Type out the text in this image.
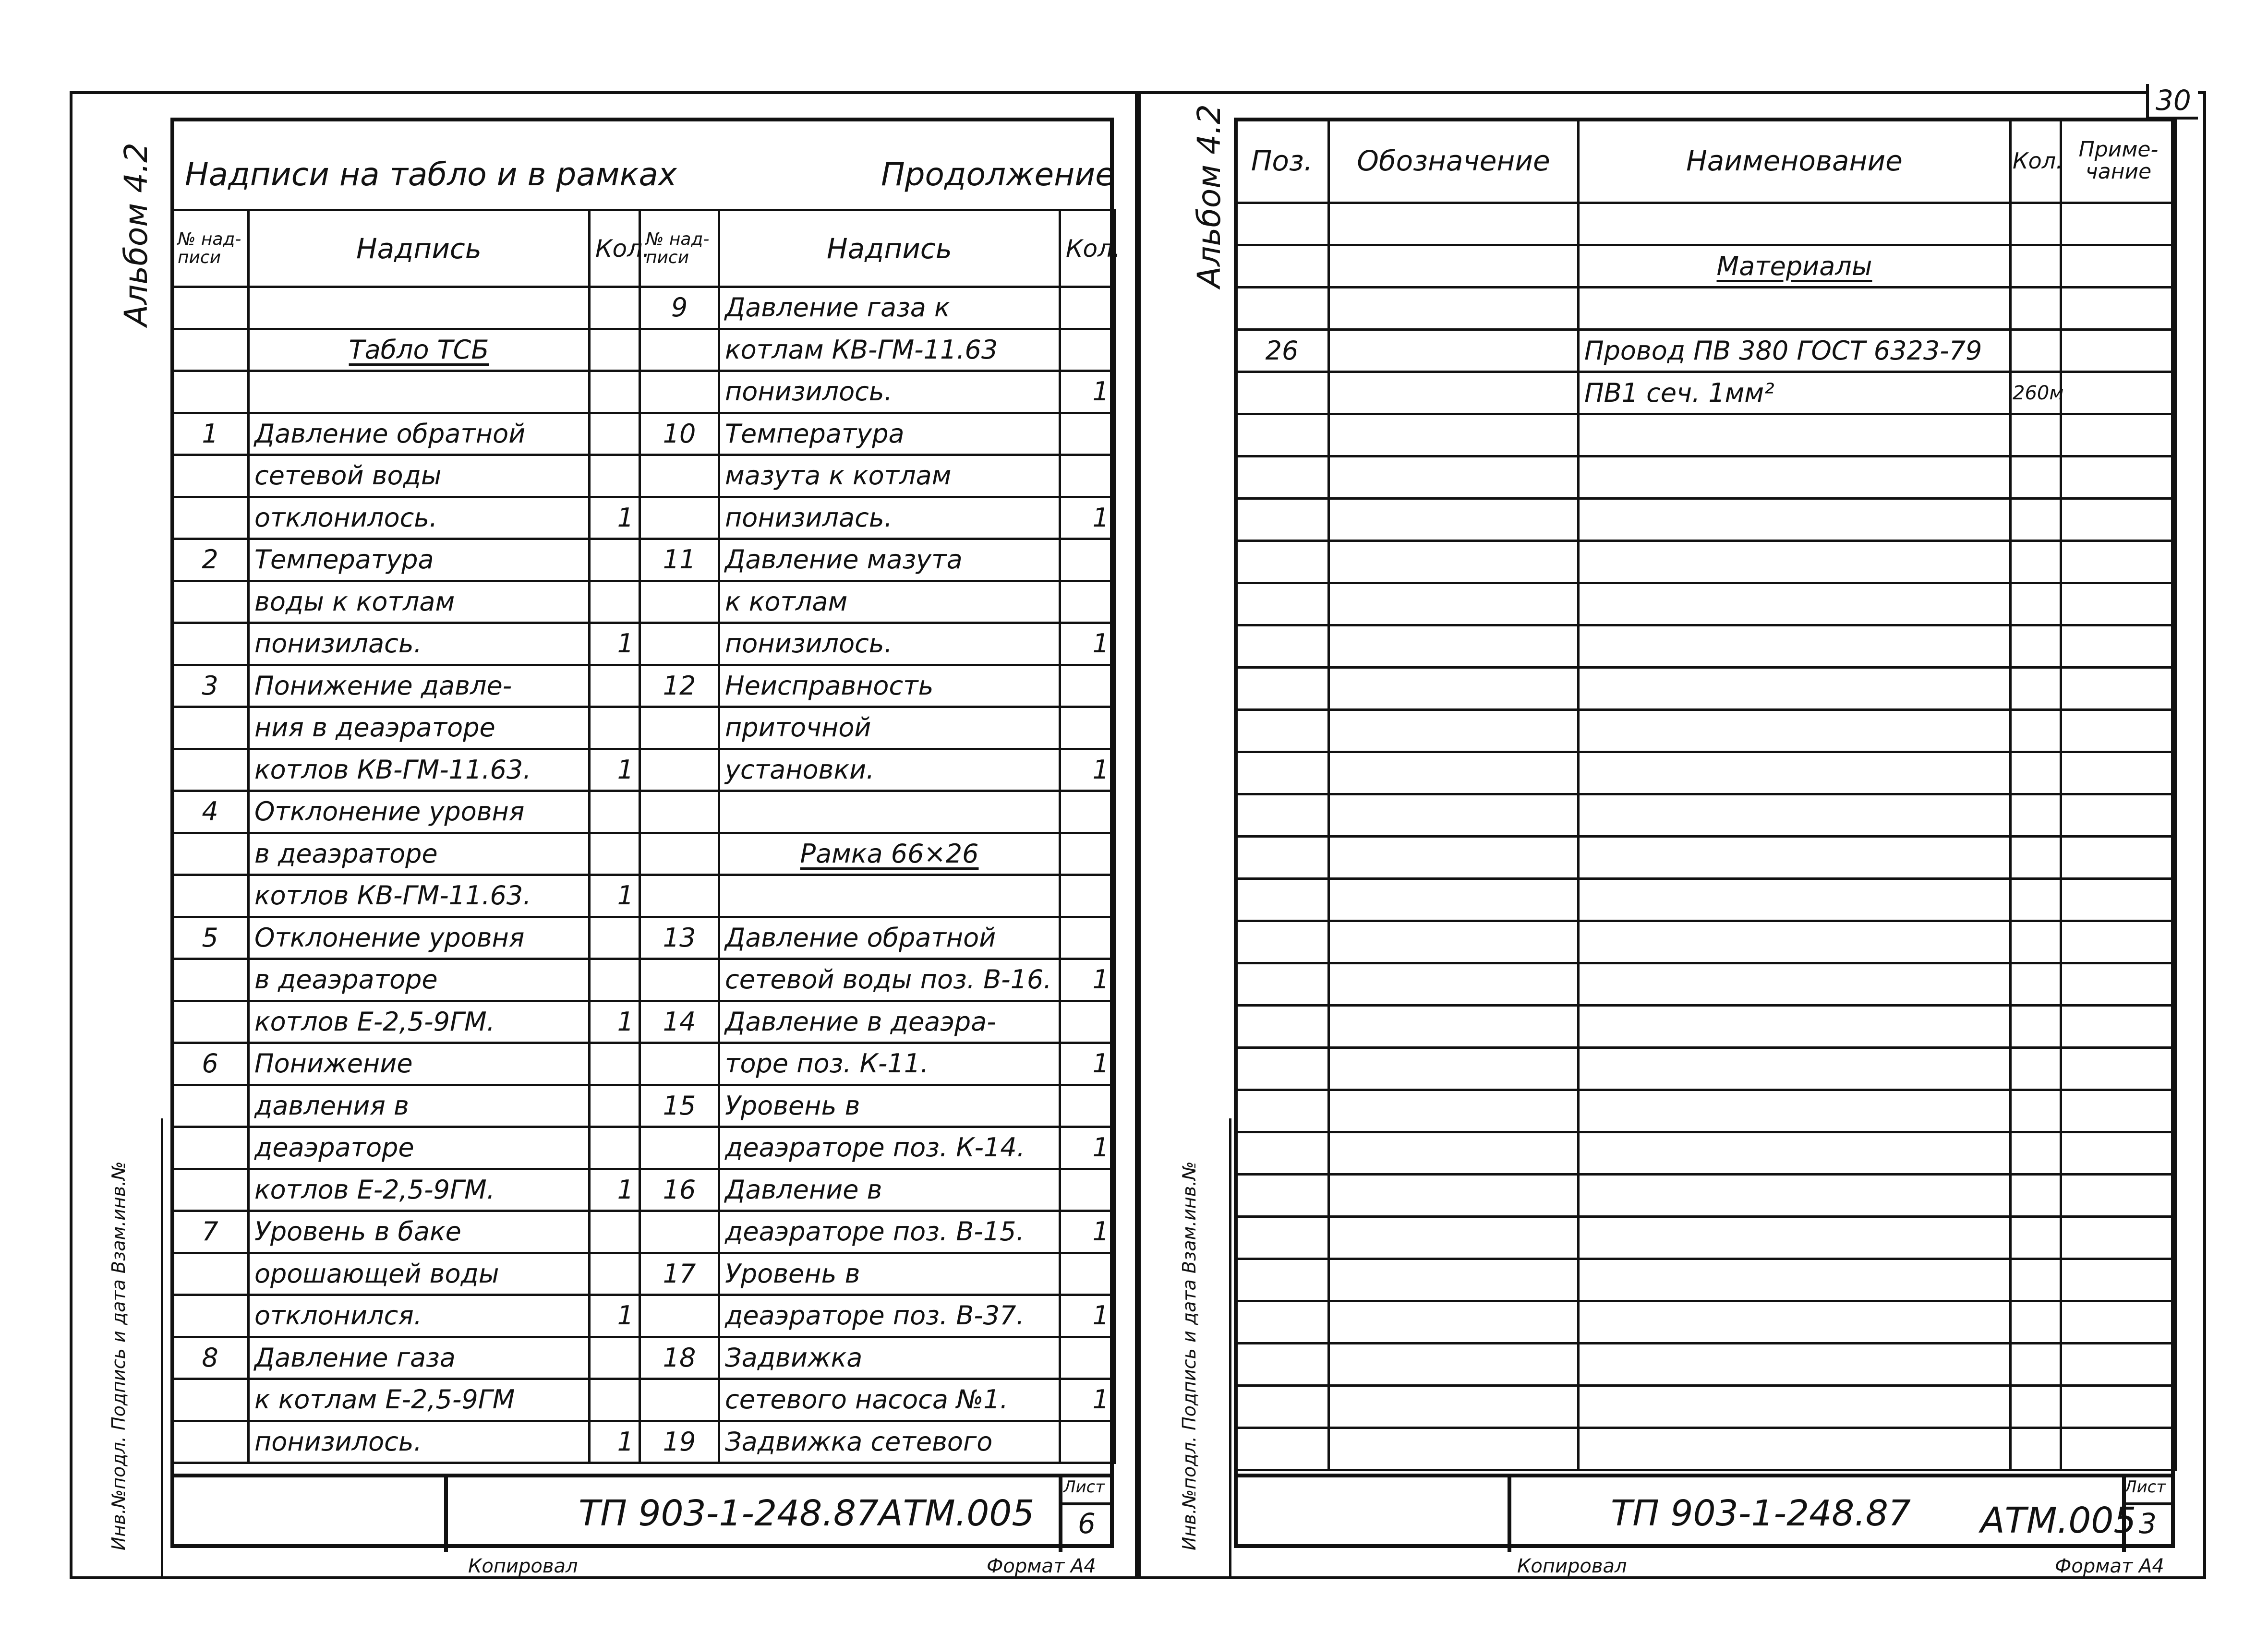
Альбом 4.2
Инв.№подл. Подпись и дата Взам.инв.№
Надписи на табло и в рамках	Продолжение
№ над- писи	Надпись	Кол.

	Табло ТСБ	

1	Давление обратной	
	сетевой воды	
	отклонилось.	1
2	Температура	
	воды к котлам	
	понизилась.	1
3	Понижение давле-	
	ния в деаэраторе	
	котлов КВ-ГМ-11.63.	1
4	Отклонение уровня	
	в деаэраторе	
	котлов КВ-ГМ-11.63.	1
5	Отклонение уровня	
	в деаэраторе	
	котлов Е-2,5-9ГМ.	1
6	Понижение	
	давления в	
	деаэраторе	
	котлов Е-2,5-9ГМ.	1
7	Уровень в баке	
	орошающей воды	
	отклонился.	1
8	Давление газа	
	к котлам Е-2,5-9ГМ	
	понизилось.	1
№ над- писи	Надпись	Кол.
9	Давление газа к	
	котлам КВ-ГМ-11.63	
	понизилось.	1
10	Температура	
	мазута к котлам	
	понизилась.	1
11	Давление мазута	
	к котлам	
	понизилось.	1
12	Неисправность	
	приточной	
	установки.	1

	Рамка 66×26	

13	Давление обратной	
	сетевой воды поз. В-16.	1
14	Давление в деаэра-	
	торе поз. К-11.	1
15	Уровень в	
	деаэраторе поз. К-14.	1
16	Давление в	
	деаэраторе поз. В-15.	1
17	Уровень в	
	деаэраторе поз. В-37.	1
18	Задвижка	
	сетевого насоса №1.	1
19	Задвижка сетевого	
ТП 903-1-248.87 АТМ.005
Лист
6
Копировал	Формат А4
Альбом 4.2
30
Инв.№подл. Подпись и дата Взам.инв.№
Поз.	Обозначение	Наименование	Кол.	Приме- чание

		Материалы		

26		Провод ПВ 380 ГОСТ 6323-79		
		ПВ1 сеч. 1мм²	260м	

ТП 903-1-248.87 АТМ.005
Лист
3
Копировал	Формат А4
